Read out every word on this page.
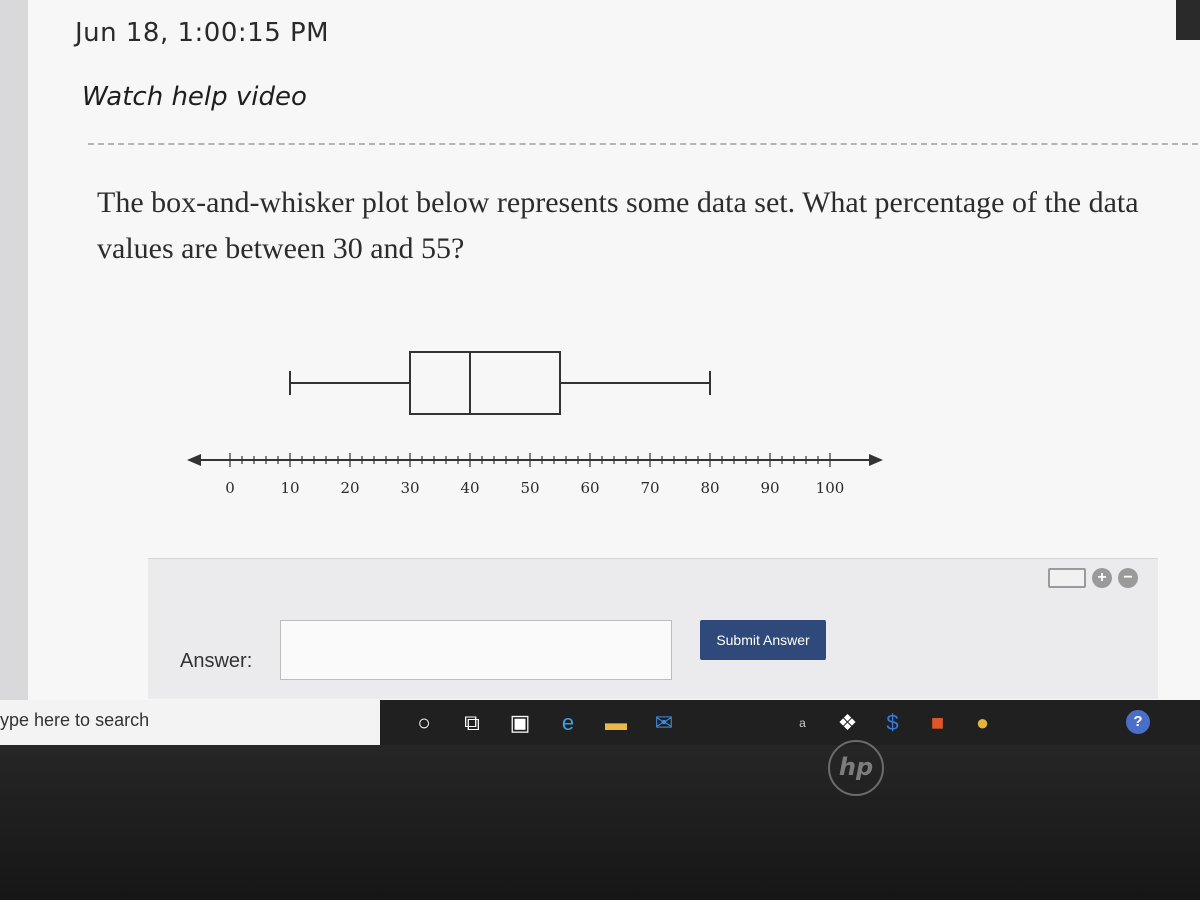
Jun 18, 1:00:15 PM
Watch help video
The box-and-whisker plot below represents some data set. What percentage of the data values are between 30 and 55?
0	10	20	30	40	50	60	70	80	90 100
Answer:
Submit Answer
+	−
ype here to search	○	⧉	▣	e	▬	✉	a	❖	$	■	●	?
hp
